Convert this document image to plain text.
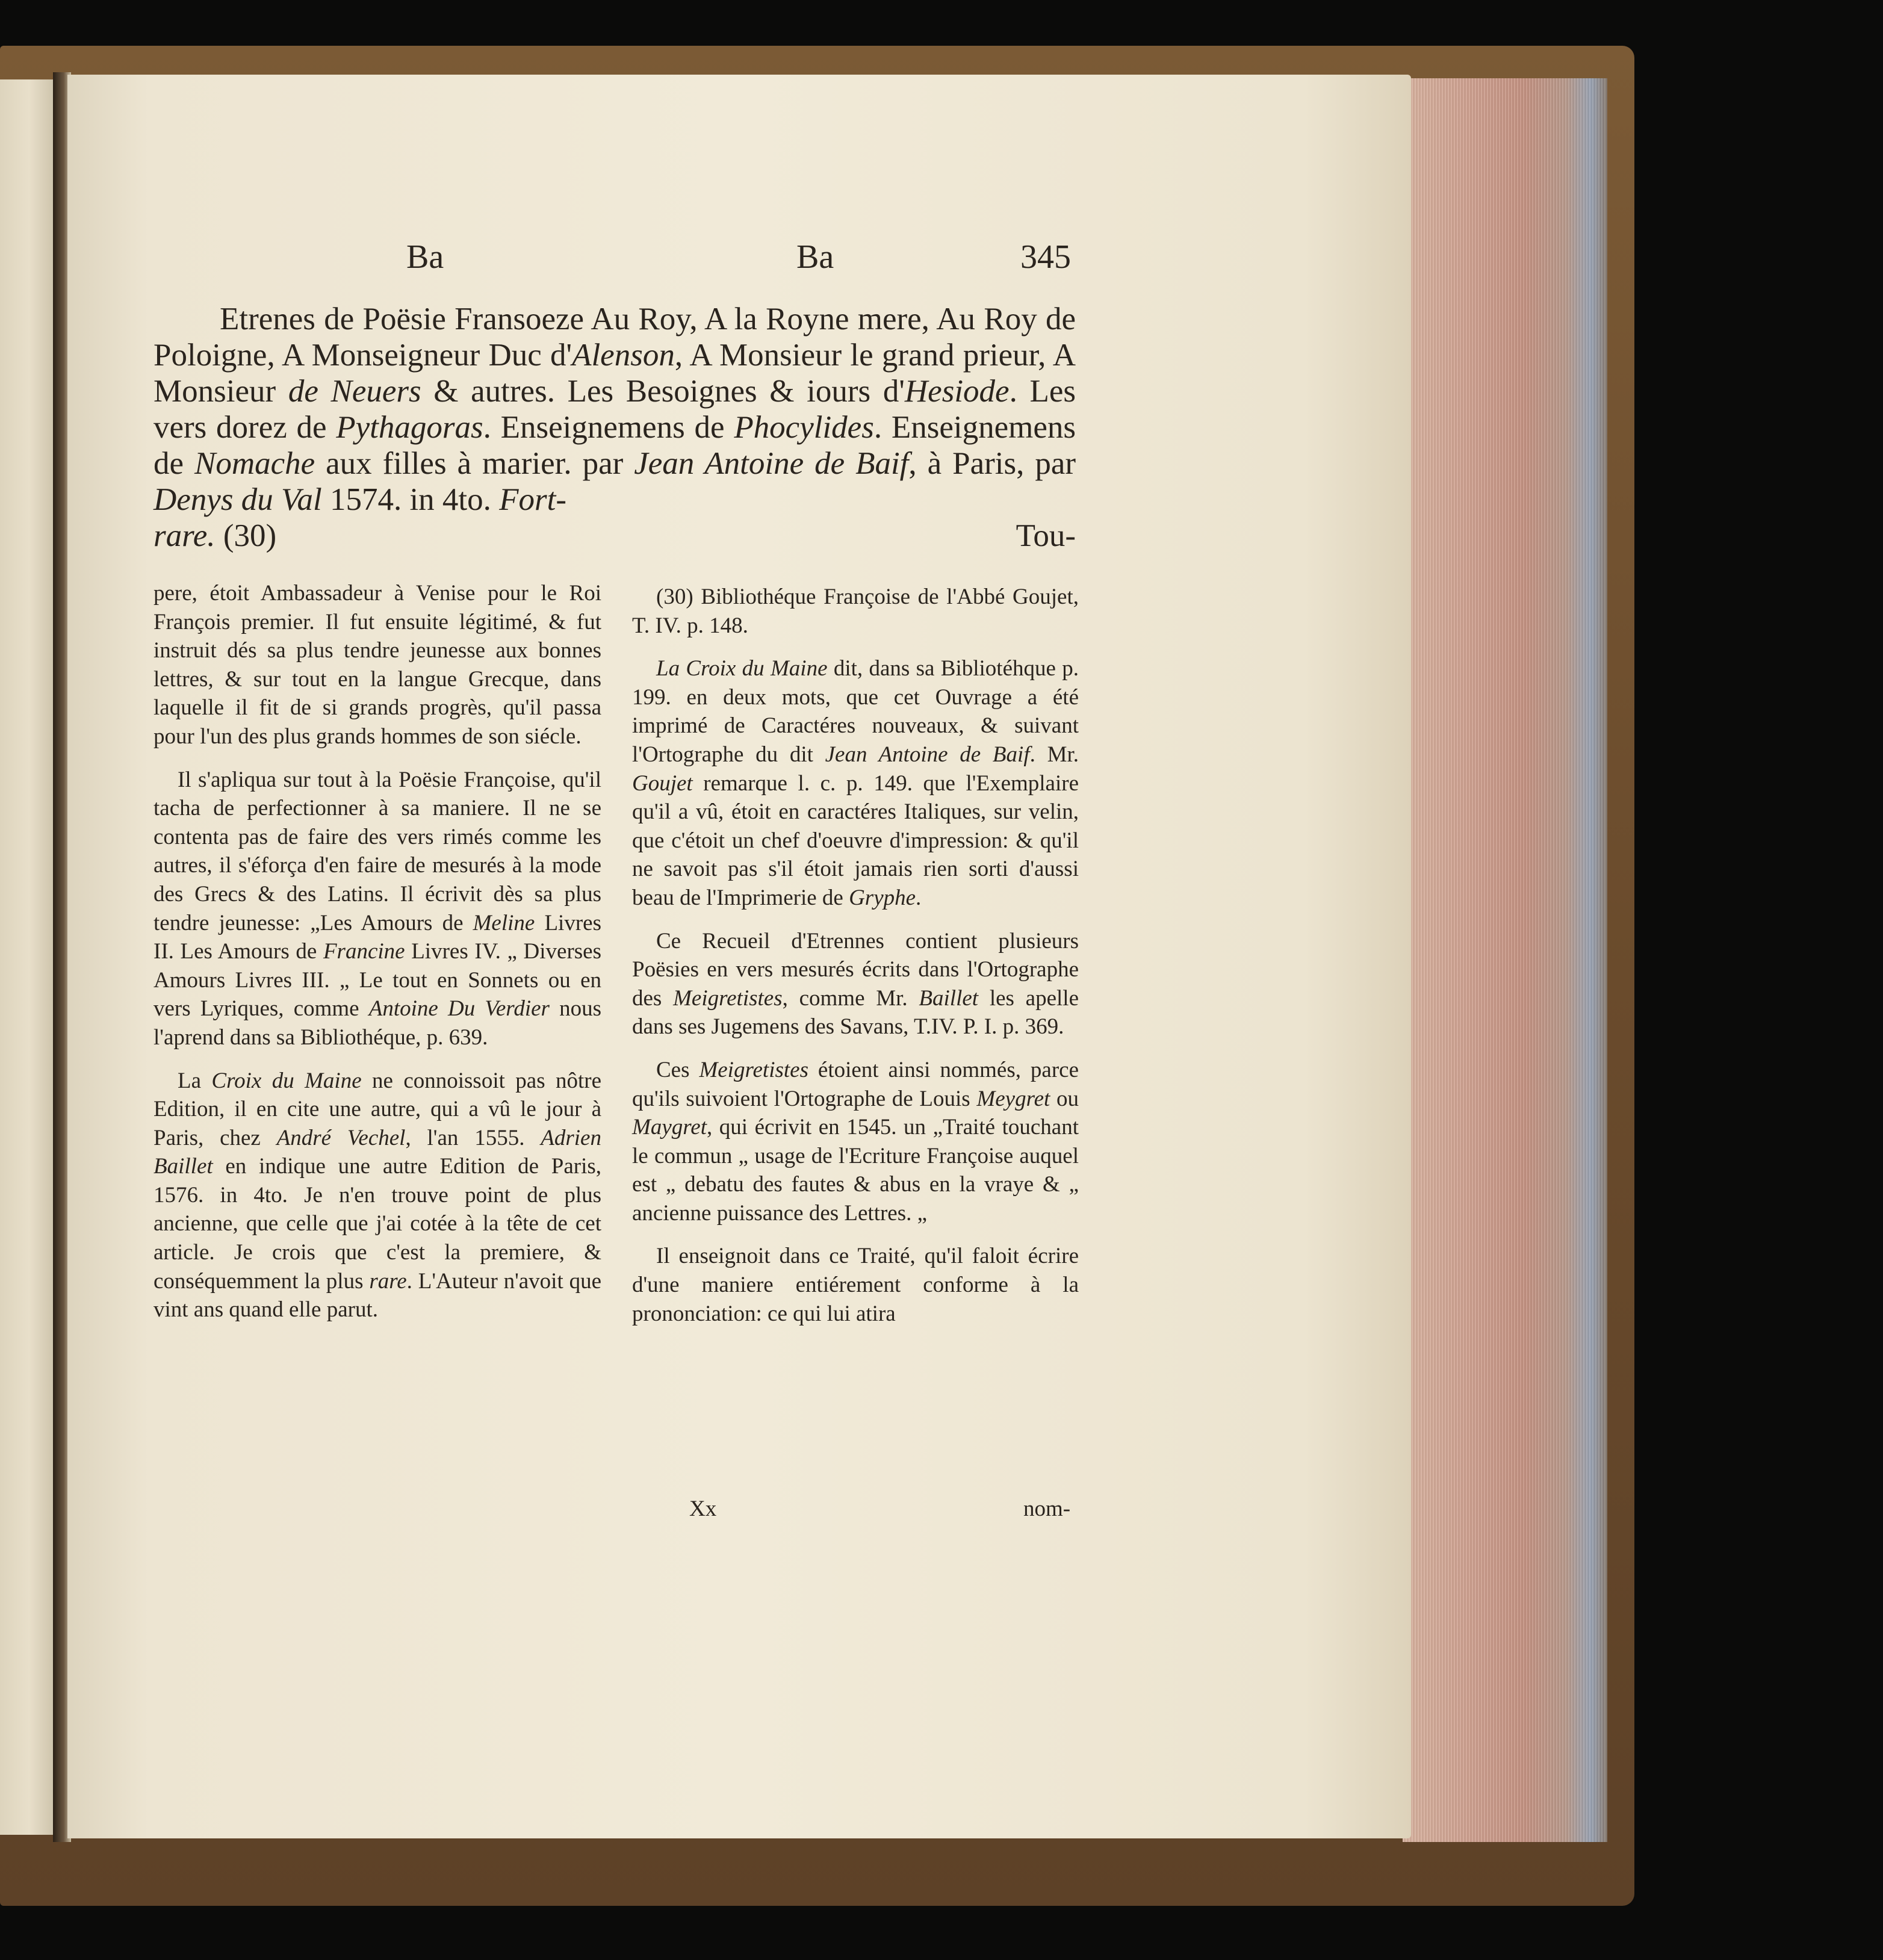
Ba	Ba	345
Etrenes de Poësie Fransoeze Au Roy, A la Royne mere, Au Roy de Poloigne, A Monseigneur Duc d'Alenson, A Monsieur le grand prieur, A Monsieur de Neuers & autres. Les Besoignes & iours d'Hesiode. Les vers dorez de Pythagoras. Enseignemens de Phocylides. Enseignemens de Nomache aux filles à marier. par Jean Antoine de Baif, à Paris, par Denys du Val 1574. in 4to. Fort-
rare. (30)	Tou-

pere, étoit Ambassadeur à Venise pour le Roi François premier. Il fut ensuite légitimé, & fut instruit dés sa plus tendre jeunesse aux bonnes lettres, & sur tout en la langue Grecque, dans laquelle il fit de si grands progrès, qu'il passa pour l'un des plus grands hommes de son siécle.

Il s'apliqua sur tout à la Poësie Françoise, qu'il tacha de perfectionner à sa maniere. Il ne se contenta pas de faire des vers rimés comme les autres, il s'éforça d'en faire de mesurés à la mode des Grecs & des Latins. Il écrivit dès sa plus tendre jeunesse: „Les Amours de Meline Livres II. Les Amours de Francine Livres IV. „ Diverses Amours Livres III. „ Le tout en Sonnets ou en vers Lyriques, comme Antoine Du Verdier nous l'aprend dans sa Bibliothéque, p. 639.

La Croix du Maine ne connoissoit pas nôtre Edition, il en cite une autre, qui a vû le jour à Paris, chez André Vechel, l'an 1555. Adrien Baillet en indique une autre Edition de Paris, 1576. in 4to. Je n'en trouve point de plus ancienne, que celle que j'ai cotée à la tête de cet article. Je crois que c'est la premiere, & conséquemment la plus rare. L'Auteur n'avoit que vint ans quand elle parut.

(30) Bibliothéque Françoise de l'Abbé Goujet, T. IV. p. 148.

La Croix du Maine dit, dans sa Bibliotéhque p. 199. en deux mots, que cet Ouvrage a été imprimé de Caractéres nouveaux, & suivant l'Ortographe du dit Jean Antoine de Baif. Mr. Goujet remarque l. c. p. 149. que l'Exemplaire qu'il a vû, étoit en caractéres Italiques, sur velin, que c'étoit un chef d'oeuvre d'impression: & qu'il ne savoit pas s'il étoit jamais rien sorti d'aussi beau de l'Imprimerie de Gryphe.

Ce Recueil d'Etrennes contient plusieurs Poësies en vers mesurés écrits dans l'Ortographe des Meigretistes, comme Mr. Baillet les apelle dans ses Jugemens des Savans, T.IV. P. I. p. 369.

Ces Meigretistes étoient ainsi nommés, parce qu'ils suivoient l'Ortographe de Louis Meygret ou Maygret, qui écrivit en 1545. un „Traité touchant le commun „ usage de l'Ecriture Françoise auquel est „ debatu des fautes & abus en la vraye & „ ancienne puissance des Lettres. „

Il enseignoit dans ce Traité, qu'il faloit écrire d'une maniere entiérement conforme à la prononciation: ce qui lui atira

Xx	nom-
